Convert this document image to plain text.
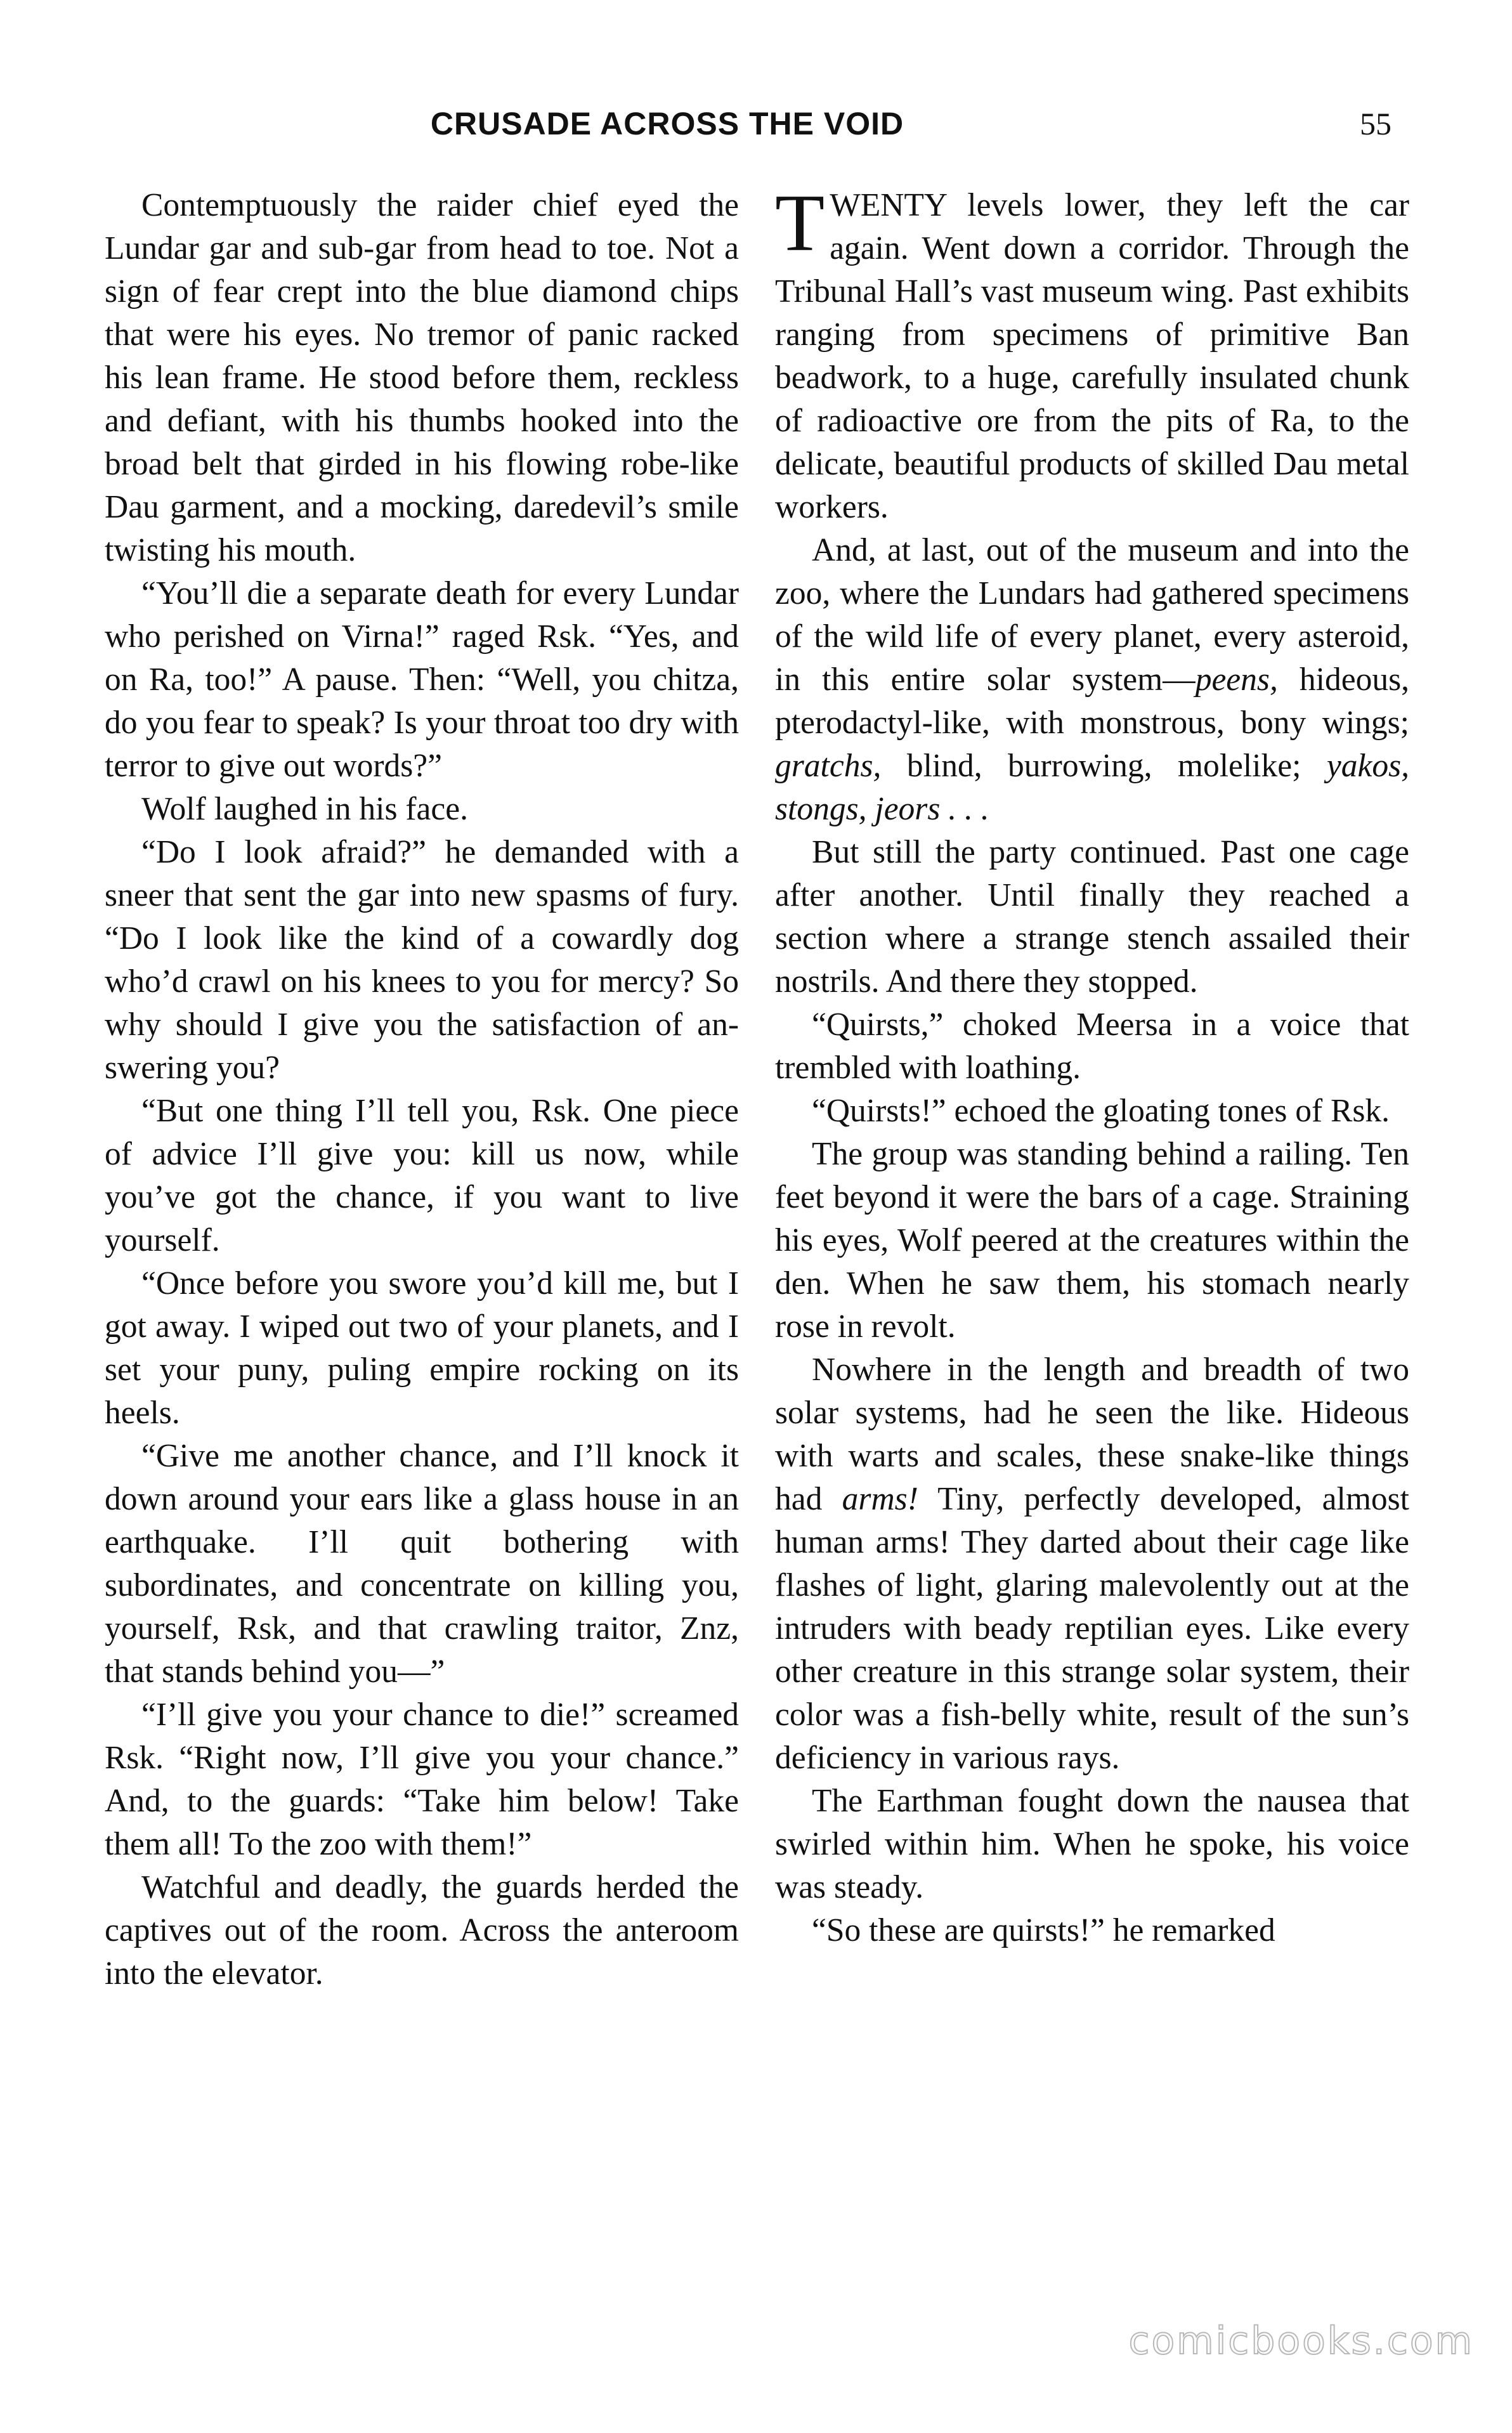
CRUSADE ACROSS THE VOID	55

Contemptuously the raider chief eyed the Lundar gar and sub-gar from head to toe. Not a sign of fear crept into the blue diamond chips that were his eyes. No tremor of panic racked his lean frame. He stood before them, reckless and defiant, with his thumbs hooked into the broad belt that girded in his flowing robe-like Dau garment, and a mocking, daredevil’s smile twisting his mouth.

“You’ll die a separate death for every Lundar who perished on Virna!” raged Rsk. “Yes, and on Ra, too!” A pause. Then: “Well, you chitza, do you fear to speak? Is your throat too dry with terror to give out words?”

Wolf laughed in his face.

“Do I look afraid?” he demanded with a sneer that sent the gar into new spasms of fury. “Do I look like the kind of a cowardly dog who’d crawl on his knees to you for mercy? So why should I give you the satisfaction of answering you?

“But one thing I’ll tell you, Rsk. One piece of advice I’ll give you: kill us now, while you’ve got the chance, if you want to live yourself.

“Once before you swore you’d kill me, but I got away. I wiped out two of your planets, and I set your puny, puling empire rocking on its heels.

“Give me another chance, and I’ll knock it down around your ears like a glass house in an earthquake. I’ll quit bothering with subordinates, and concentrate on killing you, yourself, Rsk, and that crawling traitor, Znz, that stands behind you—”

“I’ll give you your chance to die!” screamed Rsk. “Right now, I’ll give you your chance.” And, to the guards: “Take him below! Take them all! To the zoo with them!”

Watchful and deadly, the guards herded the captives out of the room. Across the anteroom into the elevator.

TWENTY levels lower, they left the car again. Went down a corridor. Through the Tribunal Hall’s vast museum wing. Past exhibits ranging from specimens of primitive Ban beadwork, to a huge, carefully insulated chunk of radioactive ore from the pits of Ra, to the delicate, beautiful products of skilled Dau metal workers.

And, at last, out of the museum and into the zoo, where the Lundars had gathered specimens of the wild life of every planet, every asteroid, in this entire solar system—peens, hideous, pterodactyl-like, with monstrous, bony wings; gratchs, blind, burrowing, molelike; yakos, stongs, jeors . . .

But still the party continued. Past one cage after another. Until finally they reached a section where a strange stench assailed their nostrils. And there they stopped.

“Quirsts,” choked Meersa in a voice that trembled with loathing.

“Quirsts!” echoed the gloating tones of Rsk.

The group was standing behind a railing. Ten feet beyond it were the bars of a cage. Straining his eyes, Wolf peered at the creatures within the den. When he saw them, his stomach nearly rose in revolt.

Nowhere in the length and breadth of two solar systems, had he seen the like. Hideous with warts and scales, these snake-like things had arms! Tiny, perfectly developed, almost human arms! They darted about their cage like flashes of light, glaring malevolently out at the intruders with beady reptilian eyes. Like every other creature in this strange solar system, their color was a fish-belly white, result of the sun’s deficiency in various rays.

The Earthman fought down the nausea that swirled within him. When he spoke, his voice was steady.

“So these are quirsts!” he remarked

comicbooks.com
